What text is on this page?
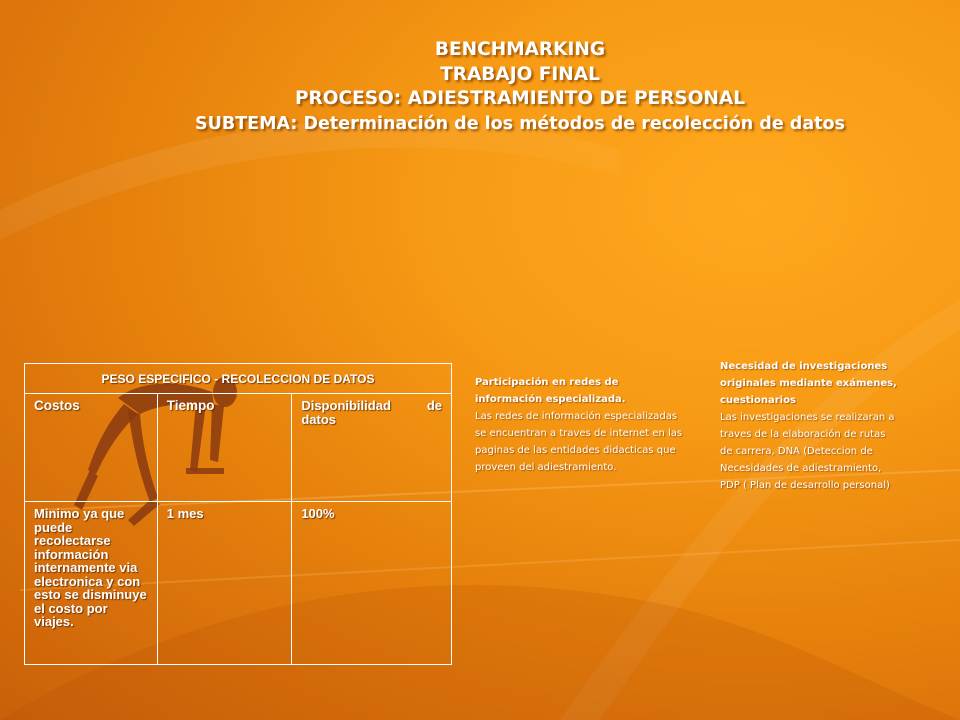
BENCHMARKING
TRABAJO FINAL
PROCESO: ADIESTRAMIENTO DE PERSONAL
SUBTEMA: Determinación de los métodos de recolección de datos
PESO ESPECIFICO - RECOLECCION DE DATOS		
Costos	Tiempo	Disponibilidad de datos
Minimo ya que puede recolectarse información internamente via electronica y con esto se disminuye el costo por viajes.	1 mes	100%
Participación en redes de información especializada.
Las redes de información especializadas se encuentran a traves de internet en las paginas de las entidades didacticas que proveen del adiestramiento.
Necesidad de investigaciones originales mediante exámenes, cuestionarios
Las investigaciones se realizaran a traves de la elaboración de rutas de carrera, DNA (Deteccion de Necesidades de adiestramiento, PDP ( Plan de desarrollo personal)
